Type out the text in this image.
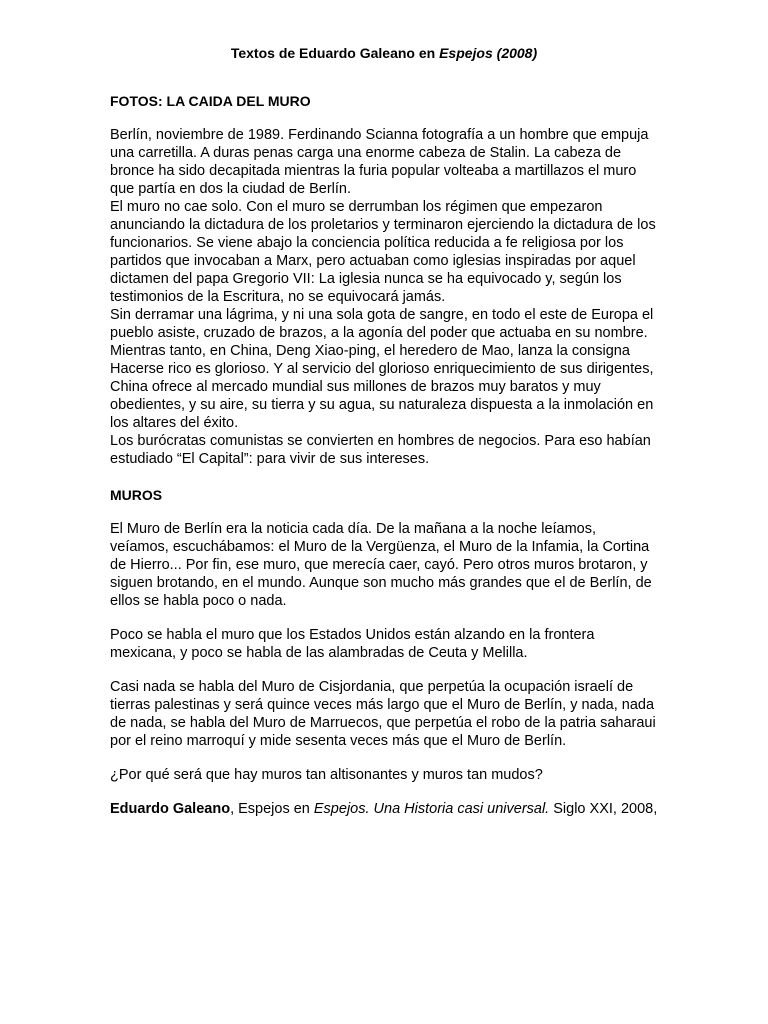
Textos de Eduardo Galeano en Espejos (2008)
FOTOS: LA CAIDA DEL MURO

Berlín, noviembre de 1989. Ferdinando Scianna fotografía a un hombre que empuja una carretilla. A duras penas carga una enorme cabeza de Stalin. La cabeza de bronce ha sido decapitada mientras la furia popular volteaba a martillazos el muro que partía en dos la ciudad de Berlín.

El muro no cae solo. Con el muro se derrumban los régimen que empezaron anunciando la dictadura de los proletarios y terminaron ejerciendo la dictadura de los funcionarios. Se viene abajo la conciencia política reducida a fe religiosa por los partidos que invocaban a Marx, pero actuaban como iglesias inspiradas por aquel dictamen del papa Gregorio VII: La iglesia nunca se ha equivocado y, según los testimonios de la Escritura, no se equivocará jamás.

Sin derramar una lágrima, y ni una sola gota de sangre, en todo el este de Europa el pueblo asiste, cruzado de brazos, a la agonía del poder que actuaba en su nombre.

Mientras tanto, en China, Deng Xiao-ping, el heredero de Mao, lanza la consigna Hacerse rico es glorioso. Y al servicio del glorioso enriquecimiento de sus dirigentes, China ofrece al mercado mundial sus millones de brazos muy baratos y muy obedientes, y su aire, su tierra y su agua, su naturaleza dispuesta a la inmolación en los altares del éxito.

Los burócratas comunistas se convierten en hombres de negocios. Para eso habían estudiado “El Capital”: para vivir de sus intereses.

MUROS

El Muro de Berlín era la noticia cada día. De la mañana a la noche leíamos, veíamos, escuchábamos: el Muro de la Vergüenza, el Muro de la Infamia, la Cortina de Hierro... Por fin, ese muro, que merecía caer, cayó. Pero otros muros brotaron, y siguen brotando, en el mundo. Aunque son mucho más grandes que el de Berlín, de ellos se habla poco o nada.

Poco se habla el muro que los Estados Unidos están alzando en la frontera mexicana, y poco se habla de las alambradas de Ceuta y Melilla.

Casi nada se habla del Muro de Cisjordania, que perpetúa la ocupación israelí de tierras palestinas y será quince veces más largo que el Muro de Berlín, y nada, nada de nada, se habla del Muro de Marruecos, que perpetúa el robo de la patria saharaui por el reino marroquí y mide sesenta veces más que el Muro de Berlín.

¿Por qué será que hay muros tan altisonantes y muros tan mudos?

Eduardo Galeano, Espejos en Espejos. Una Historia casi universal. Siglo XXI, 2008,
